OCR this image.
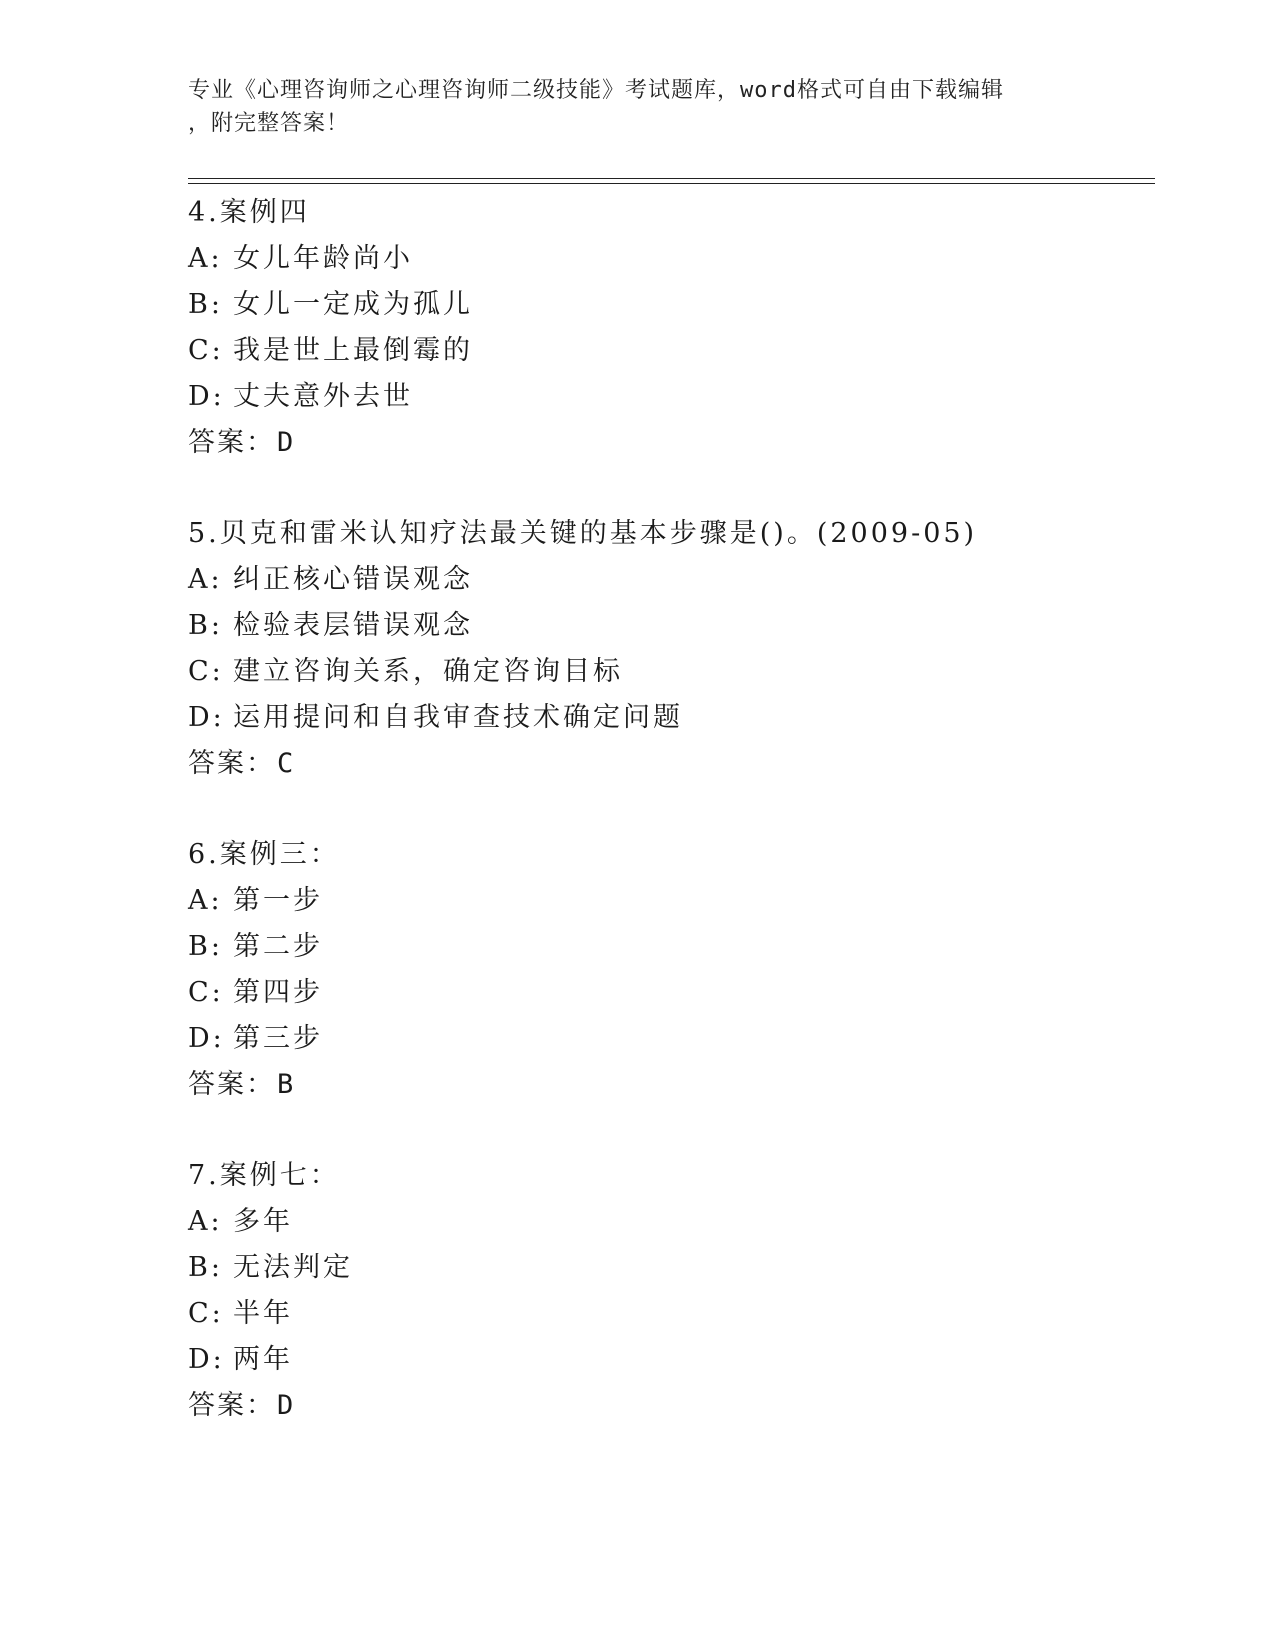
专业《心理咨询师之心理咨询师二级技能》考试题库，word格式可自由下载编辑
，附完整答案！
4.案例四
A: 女儿年龄尚小
B: 女儿一定成为孤儿
C: 我是世上最倒霉的
D: 丈夫意外去世
答案：D
5.贝克和雷米认知疗法最关键的基本步骤是()。(2009-05)
A: 纠正核心错误观念
B: 检验表层错误观念
C: 建立咨询关系，确定咨询目标
D: 运用提问和自我审查技术确定问题
答案：C
6.案例三：
A: 第一步
B: 第二步
C: 第四步
D: 第三步
答案：B
7.案例七：
A: 多年
B: 无法判定
C: 半年
D: 两年
答案：D
